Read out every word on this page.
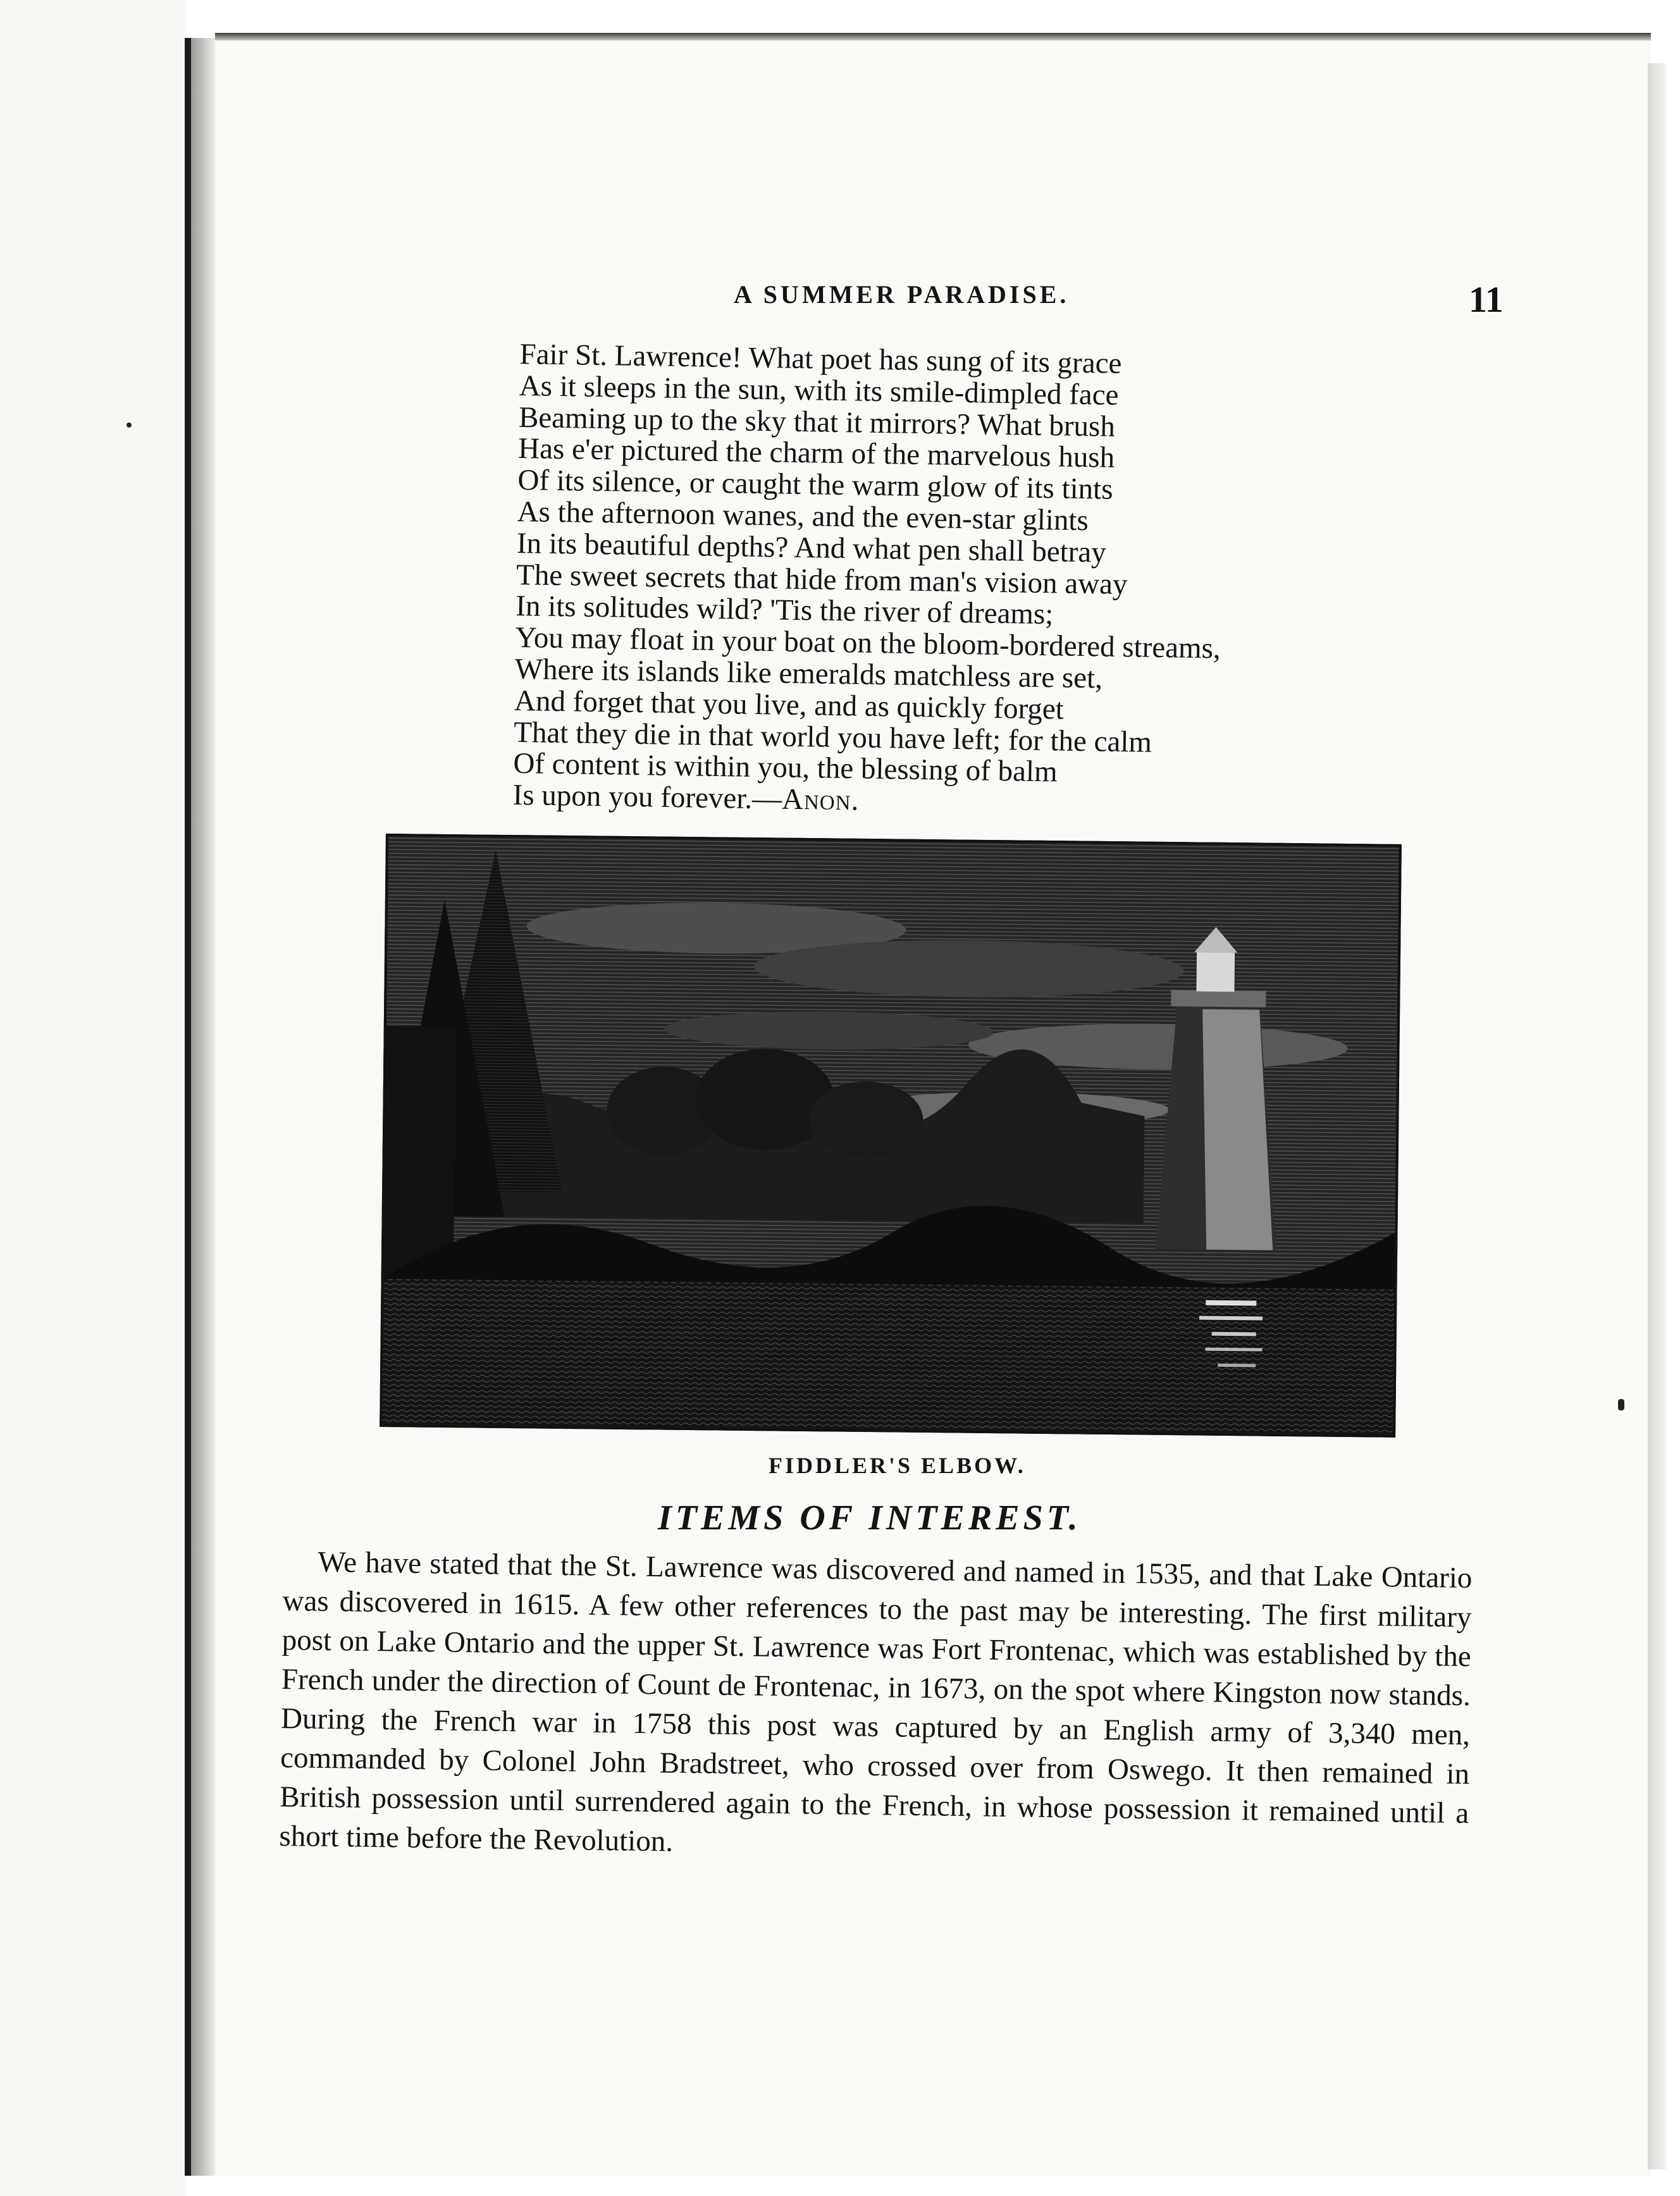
A SUMMER PARADISE.	11
Fair St. Lawrence! What poet has sung of its grace
As it sleeps in the sun, with its smile-dimpled face
Beaming up to the sky that it mirrors? What brush
Has e'er pictured the charm of the marvelous hush
Of its silence, or caught the warm glow of its tints
As the afternoon wanes, and the even-star glints
In its beautiful depths? And what pen shall betray
The sweet secrets that hide from man's vision away
In its solitudes wild? 'Tis the river of dreams;
You may float in your boat on the bloom-bordered streams,
Where its islands like emeralds matchless are set,
And forget that you live, and as quickly forget
That they die in that world you have left; for the calm
Of content is within you, the blessing of balm
Is upon you forever.—Anon.
FIDDLER'S ELBOW.
ITEMS OF INTEREST.

We have stated that the St. Lawrence was discovered and named in 1535, and that Lake Ontario was discovered in 1615. A few other references to the past may be interesting. The first military post on Lake Ontario and the upper St. Lawrence was Fort Frontenac, which was established by the French under the direction of Count de Frontenac, in 1673, on the spot where Kingston now stands. During the French war in 1758 this post was captured by an English army of 3,340 men, commanded by Colonel John Bradstreet, who crossed over from Oswego. It then remained in British possession until surrendered again to the French, in whose possession it remained until a short time before the Revolution.
